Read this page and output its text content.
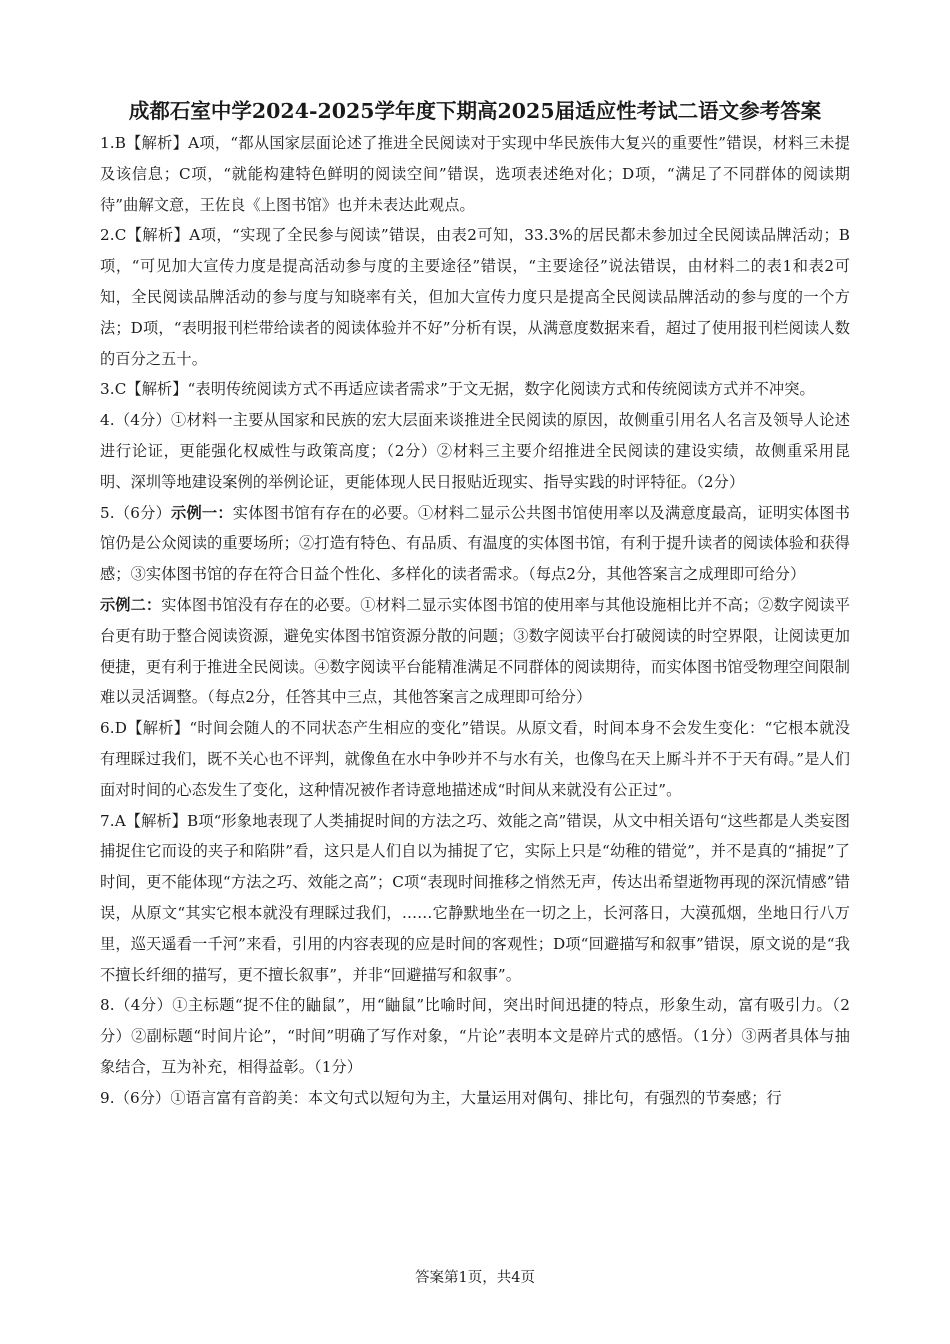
成都石室中学2024-2025学年度下期高2025届适应性考试二语文参考答案

1.B【解析】A项，“都从国家层面论述了推进全民阅读对于实现中华民族伟大复兴的重要性”错误，材料三未提及该信息；C项，“就能构建特色鲜明的阅读空间”错误，选项表述绝对化；D项，“满足了不同群体的阅读期待”曲解文意，王佐良《上图书馆》也并未表达此观点。

2.C【解析】A项，“实现了全民参与阅读”错误，由表2可知，33.3%的居民都未参加过全民阅读品牌活动；B项，“可见加大宣传力度是提高活动参与度的主要途径”错误，“主要途径”说法错误，由材料二的表1和表2可知，全民阅读品牌活动的参与度与知晓率有关，但加大宣传力度只是提高全民阅读品牌活动的参与度的一个方法；D项，“表明报刊栏带给读者的阅读体验并不好”分析有误，从满意度数据来看，超过了使用报刊栏阅读人数的百分之五十。

3.C【解析】“表明传统阅读方式不再适应读者需求”于文无据，数字化阅读方式和传统阅读方式并不冲突。

4.（4分）①材料一主要从国家和民族的宏大层面来谈推进全民阅读的原因，故侧重引用名人名言及领导人论述进行论证，更能强化权威性与政策高度；（2分）②材料三主要介绍推进全民阅读的建设实绩，故侧重采用昆明、深圳等地建设案例的举例论证，更能体现人民日报贴近现实、指导实践的时评特征。（2分）

5.（6分）示例一：实体图书馆有存在的必要。①材料二显示公共图书馆使用率以及满意度最高，证明实体图书馆仍是公众阅读的重要场所；②打造有特色、有品质、有温度的实体图书馆，有利于提升读者的阅读体验和获得感；③实体图书馆的存在符合日益个性化、多样化的读者需求。（每点2分，其他答案言之成理即可给分）

示例二：实体图书馆没有存在的必要。①材料二显示实体图书馆的使用率与其他设施相比并不高；②数字阅读平台更有助于整合阅读资源，避免实体图书馆资源分散的问题；③数字阅读平台打破阅读的时空界限，让阅读更加便捷，更有利于推进全民阅读。④数字阅读平台能精准满足不同群体的阅读期待，而实体图书馆受物理空间限制难以灵活调整。（每点2分，任答其中三点，其他答案言之成理即可给分）

6.D【解析】“时间会随人的不同状态产生相应的变化”错误。从原文看，时间本身不会发生变化：“它根本就没有理睬过我们，既不关心也不评判，就像鱼在水中争吵并不与水有关，也像鸟在天上厮斗并不于天有碍。”是人们面对时间的心态发生了变化，这种情况被作者诗意地描述成“时间从来就没有公正过”。

7.A【解析】B项“形象地表现了人类捕捉时间的方法之巧、效能之高”错误，从文中相关语句“这些都是人类妄图捕捉住它而设的夹子和陷阱”看，这只是人们自以为捕捉了它，实际上只是“幼稚的错觉”，并不是真的“捕捉”了时间，更不能体现“方法之巧、效能之高”；C项“表现时间推移之悄然无声，传达出希望逝物再现的深沉情感”错误，从原文“其实它根本就没有理睬过我们，……它静默地坐在一切之上，长河落日，大漠孤烟，坐地日行八万里，巡天遥看一千河”来看，引用的内容表现的应是时间的客观性；D项“回避描写和叙事”错误，原文说的是“我不擅长纤细的描写，更不擅长叙事”，并非“回避描写和叙事”。

8.（4分）①主标题“捉不住的鼬鼠”，用“鼬鼠”比喻时间，突出时间迅捷的特点，形象生动，富有吸引力。（2分）②副标题“时间片论”，“时间”明确了写作对象，“片论”表明本文是碎片式的感悟。（1分）③两者具体与抽象结合，互为补充，相得益彰。（1分）

9.（6分）①语言富有音韵美：本文句式以短句为主，大量运用对偶句、排比句，有强烈的节奏感；行

答案第1页，共4页
